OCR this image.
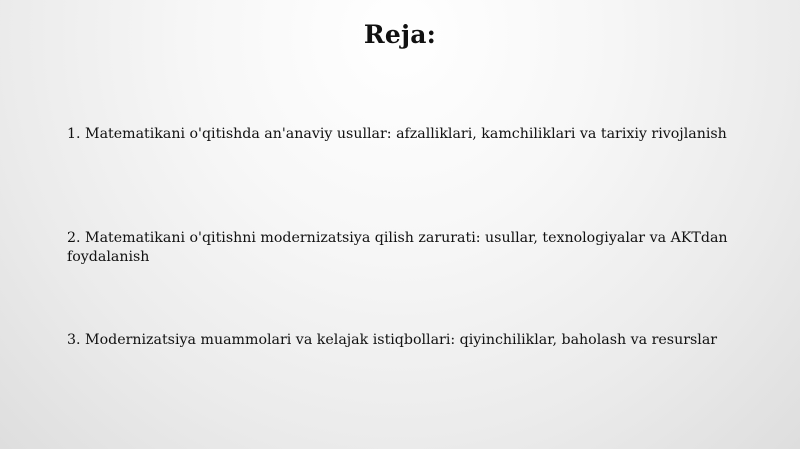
Reja:
1. Matematikani o'qitishda an'anaviy usullar: afzalliklari, kamchiliklari va tarixiy rivojlanish
2. Matematikani o'qitishni modernizatsiya qilish zarurati: usullar, texnologiyalar va AKTdan foydalanish
3. Modernizatsiya muammolari va kelajak istiqbollari: qiyinchiliklar, baholash va resurslar
